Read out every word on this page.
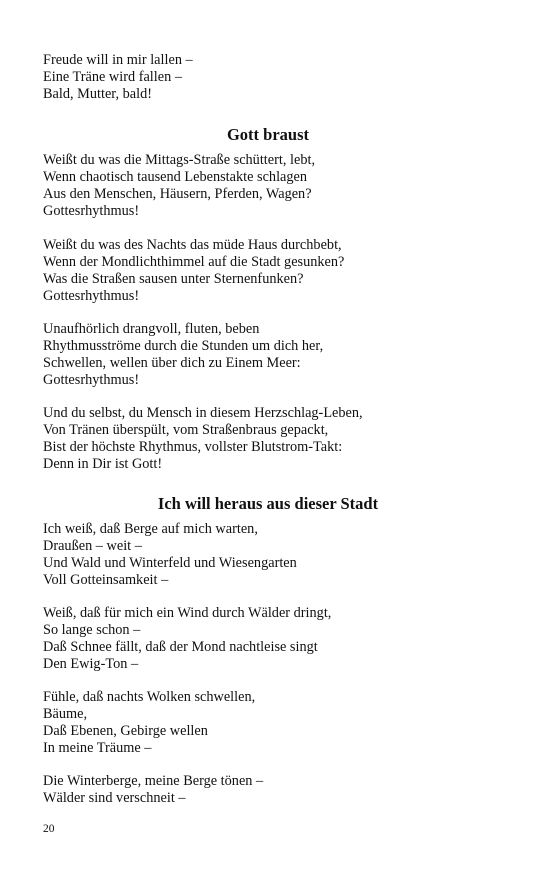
Freude will in mir lallen –
Eine Träne wird fallen –
Bald, Mutter, bald!
Gott braust
Weißt du was die Mittags-Straße schüttert, lebt,
Wenn chaotisch tausend Lebenstakte schlagen
Aus den Menschen, Häusern, Pferden, Wagen?
Gottesrhythmus!
Weißt du was des Nachts das müde Haus durchbebt,
Wenn der Mondlichthimmel auf die Stadt gesunken?
Was die Straßen sausen unter Sternenfunken?
Gottesrhythmus!
Unaufhörlich drangvoll, fluten, beben
Rhythmusströme durch die Stunden um dich her,
Schwellen, wellen über dich zu Einem Meer:
Gottesrhythmus!
Und du selbst, du Mensch in diesem Herzschlag-Leben,
Von Tränen überspült, vom Straßenbraus gepackt,
Bist der höchste Rhythmus, vollster Blutstrom-Takt:
Denn in Dir ist Gott!
Ich will heraus aus dieser Stadt
Ich weiß, daß Berge auf mich warten,
Draußen – weit –
Und Wald und Winterfeld und Wiesengarten
Voll Gotteinsamkeit –
Weiß, daß für mich ein Wind durch Wälder dringt,
So lange schon –
Daß Schnee fällt, daß der Mond nachtleise singt
Den Ewig-Ton –
Fühle, daß nachts Wolken schwellen,
Bäume,
Daß Ebenen, Gebirge wellen
In meine Träume –
Die Winterberge, meine Berge tönen –
Wälder sind verschneit –
20
